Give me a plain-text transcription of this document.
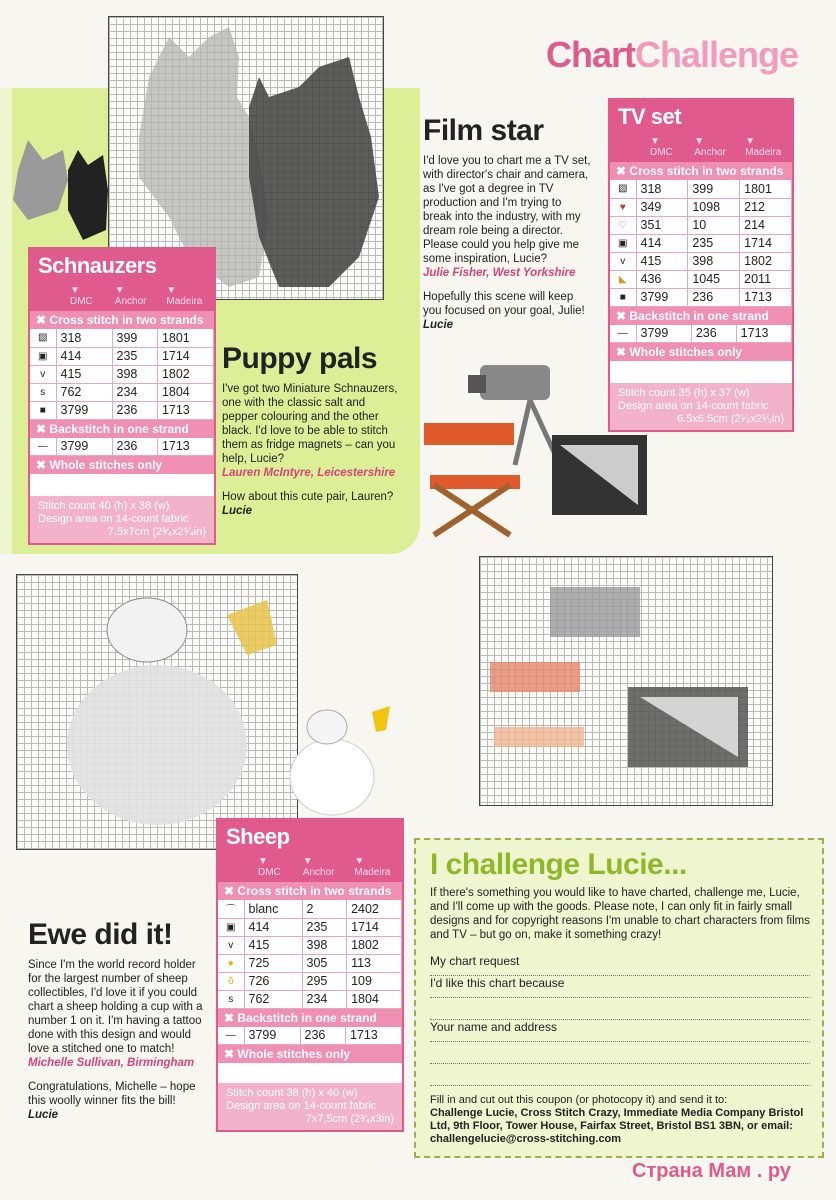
ChartChallenge
Schnauzers
▼ DMC
▼ Anchor
▼ Madeira
✖ Cross stitch in two strands
▧	318	399	1801
▣	414	235	1714
v	415	398	1802
s	762	234	1804
■	3799	236	1713
✖ Backstitch in one strand
—	3799	236	1713
✖ Whole stitches only
Stitch count 40 (h) x 38 (w)
Design area on 14-count fabric
7.5x7cm (2³⁄₄x2³⁄₄in)
Puppy pals

I've got two Miniature Schnauzers, one with the classic salt and pepper colouring and the other black. I'd love to be able to stitch them as fridge magnets – can you help, Lucie?

Lauren McIntyre, Leicestershire

How about this cute pair, Lauren?

Lucie

Film star

I'd love you to chart me a TV set, with director's chair and camera, as I've got a degree in TV production and I'm trying to break into the industry, with my dream role being a director. Please could you help give me some inspiration, Lucie?

Julie Fisher, West Yorkshire

Hopefully this scene will keep you focused on your goal, Julie!

Lucie

TV set
▼ DMC
▼ Anchor
▼ Madeira
✖ Cross stitch in two strands
▧	318	399	1801
♥	349	1098	212
♡	351	10	214
▣	414	235	1714
v	415	398	1802
◣	436	1045	2011
■	3799	236	1713
✖ Backstitch in one strand
—	3799	236	1713
✖ Whole stitches only
Stitch count 35 (h) x 37 (w)
Design area on 14-count fabric
6.5x6.5cm (2¹⁄₂x2¹⁄₂in)
Sheep
▼ DMC
▼ Anchor
▼ Madeira
✖ Cross stitch in two strands
⌒	blanc	2	2402
▣	414	235	1714
v	415	398	1802
●	725	305	113
ŏ	726	295	109
s	762	234	1804
✖ Backstitch in one strand
—	3799	236	1713
✖ Whole stitches only
Stitch count 38 (h) x 40 (w)
Design area on 14-count fabric
7x7.5cm (2³⁄₄x3in)
Ewe did it!

Since I'm the world record holder for the largest number of sheep collectibles, I'd love it if you could chart a sheep holding a cup with a number 1 on it. I'm having a tattoo done with this design and would love a stitched one to match!

Michelle Sullivan, Birmingham

Congratulations, Michelle – hope this woolly winner fits the bill!

Lucie

I challenge Lucie...

If there's something you would like to have charted, challenge me, Lucie, and I'll come up with the goods. Please note, I can only fit in fairly small designs and for copyright reasons I'm unable to chart characters from films and TV – but go on, make it something crazy!

My chart request
I'd like this chart because
Your name and address

Fill in and cut out this coupon (or photocopy it) and send it to:

Challenge Lucie, Cross Stitch Crazy, Immediate Media Company Bristol Ltd, 9th Floor, Tower House, Fairfax Street, Bristol BS1 3BN, or email: challengelucie@cross-stitching.com

Страна Мам . ру
